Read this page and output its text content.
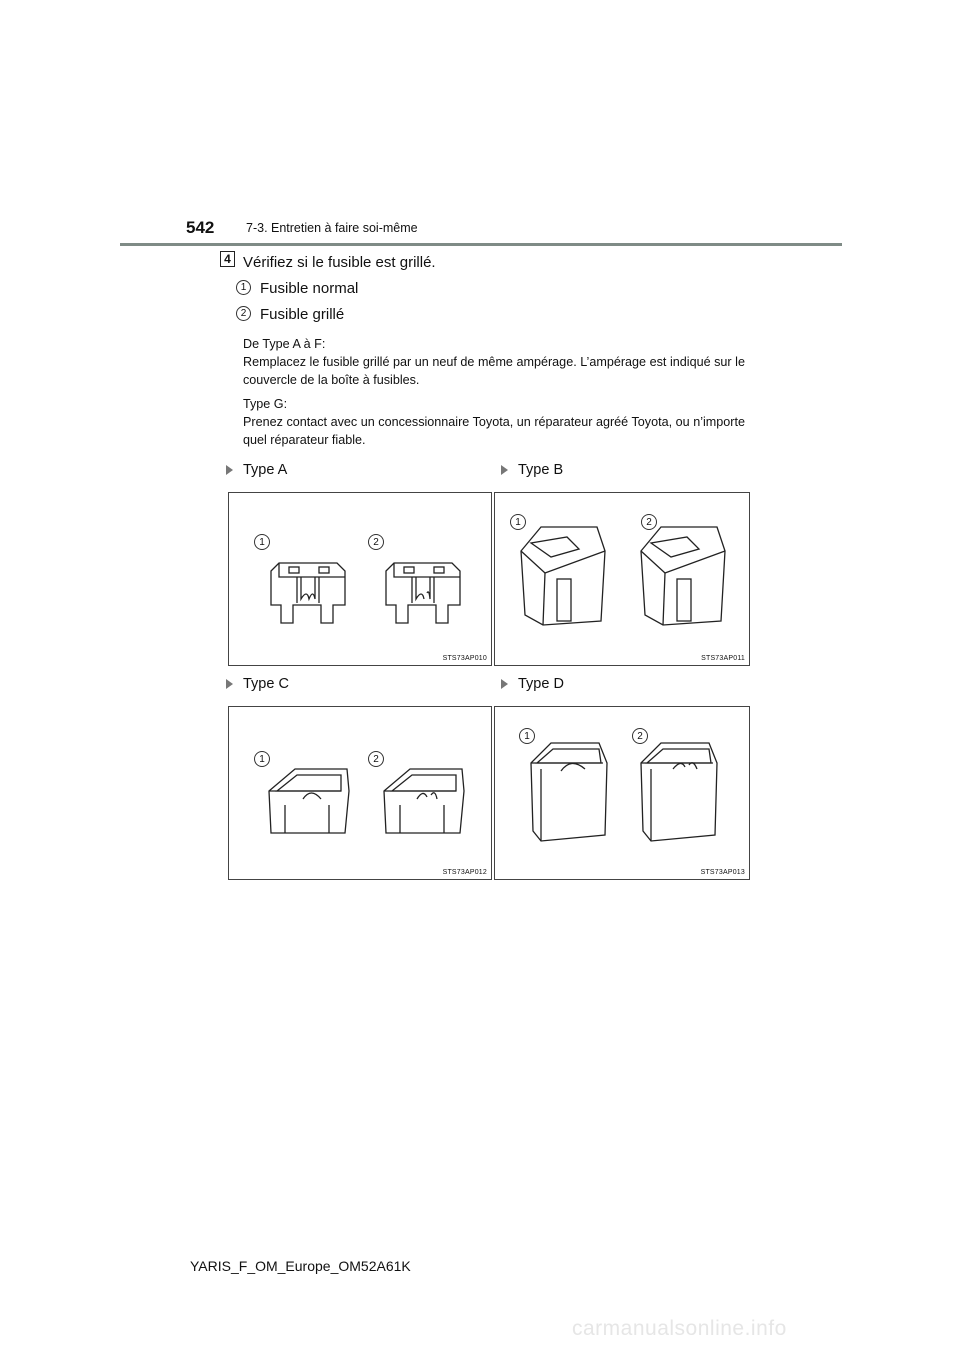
542	7-3. Entretien à faire soi-même
4 Vérifiez si le fusible est grillé.
1 Fusible normal
2 Fusible grillé
De Type A à F:
Remplacez le fusible grillé par un neuf de même ampérage. L’ampérage est indiqué sur le couvercle de la boîte à fusibles.
Type G:
Prenez contact avec un concessionnaire Toyota, un réparateur agréé Toyota, ou n’importe quel réparateur fiable.
Type A	Type B
Type C	Type D
1	2
STS73AP010
1	2
STS73AP011
1	2
STS73AP012
1	2
STS73AP013
YARIS_F_OM_Europe_OM52A61K
carmanualsonline.info
